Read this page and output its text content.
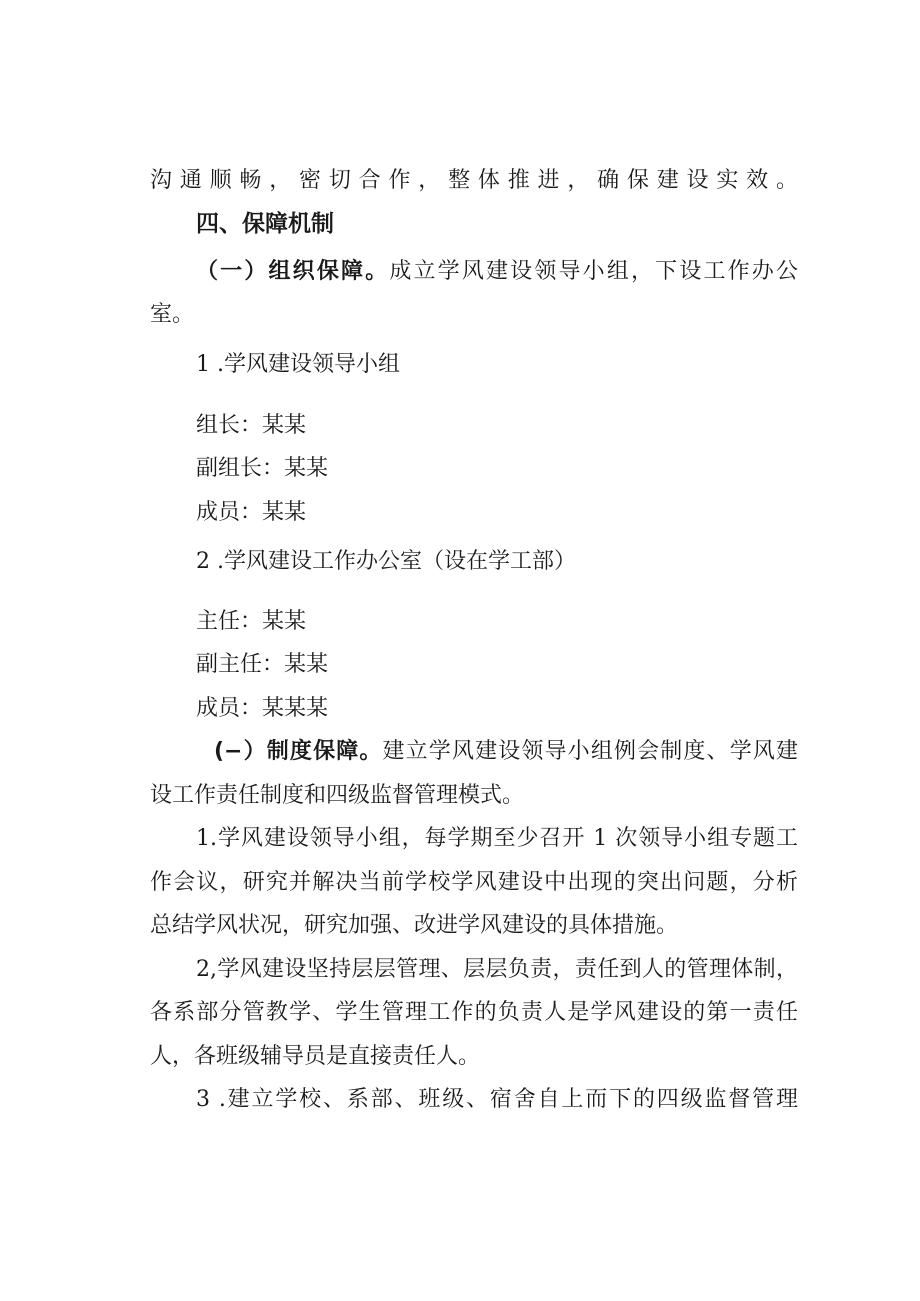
沟通顺畅，密切合作，整体推进，确保建设实效。
四、保障机制
（一）组织保障。成立学风建设领导小组，下设工作办公
室。
1 .学风建设领导小组
组长：某某
副组长：某某
成员：某某
2 .学风建设工作办公室（设在学工部）
主任：某某
副主任：某某
成员：某某某
(−）制度保障。建立学风建设领导小组例会制度、学风建
设工作责任制度和四级监督管理模式。
1.学风建设领导小组，每学期至少召开 1 次领导小组专题工
作会议，研究并解决当前学校学风建设中出现的突出问题，分析
总结学风状况，研究加强、改进学风建设的具体措施。
2,学风建设坚持层层管理、层层负责，责任到人的管理体制，
各系部分管教学、学生管理工作的负责人是学风建设的第一责任
人，各班级辅导员是直接责任人。
3 .建立学校、系部、班级、宿舍自上而下的四级监督管理
